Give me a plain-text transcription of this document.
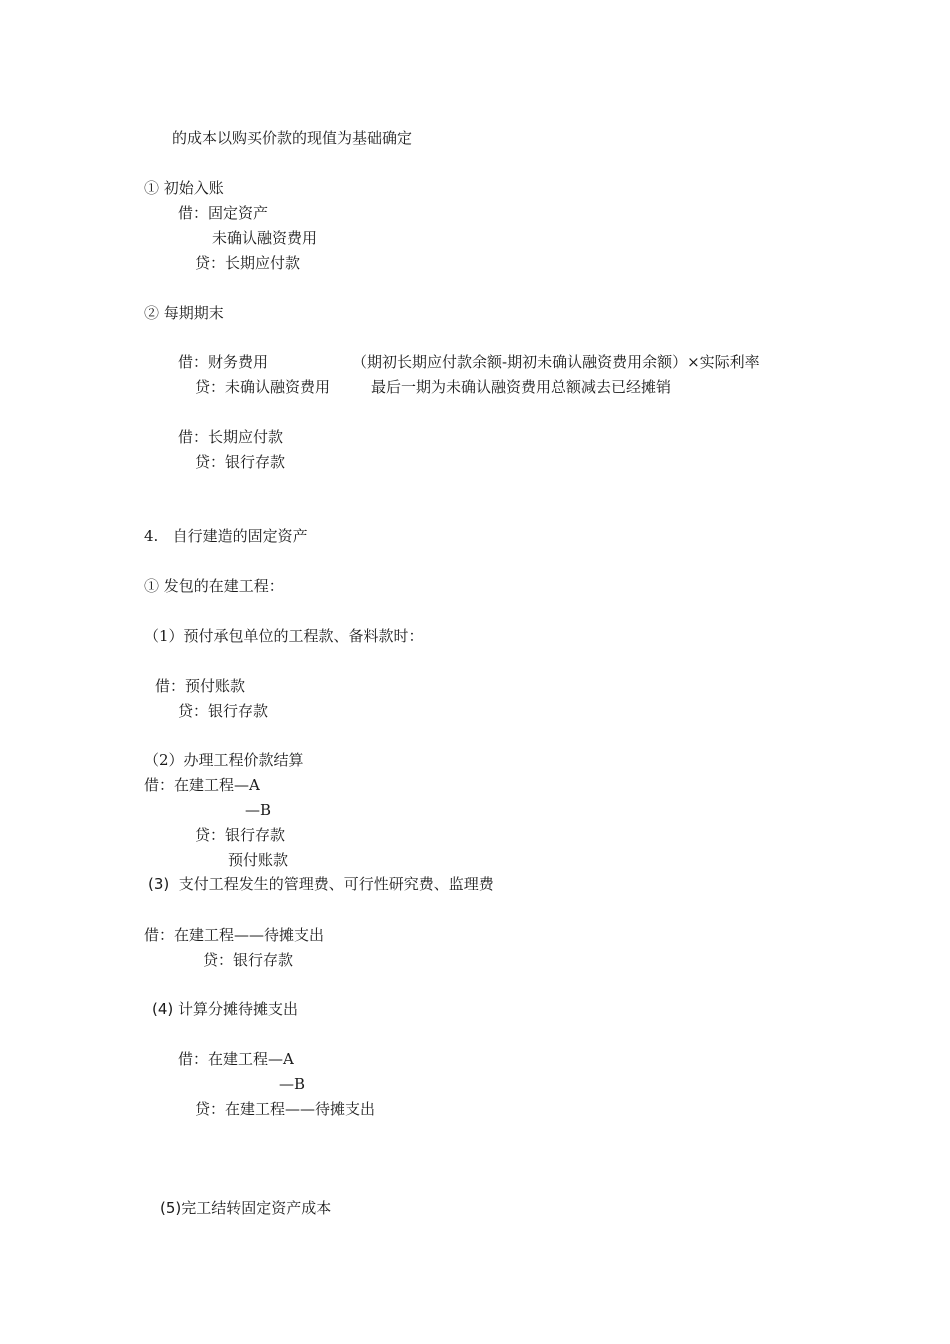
的成本以购买价款的现值为基础确定
① 初始入账
借：固定资产
未确认融资费用
贷：长期应付款
② 每期期末
借：财务费用	（期初长期应付款余额-期初未确认融资费用余额）×实际利率
贷：未确认融资费用	最后一期为未确认融资费用总额减去已经摊销
借：长期应付款
贷：银行存款
4.   自行建造的固定资产
① 发包的在建工程：
（1）预付承包单位的工程款、备料款时：
借：预付账款
贷：银行存款
（2）办理工程价款结算
借：在建工程—A
—B
贷：银行存款
预付账款
(3)  支付工程发生的管理费、可行性研究费、监理费
借：在建工程——待摊支出
贷：银行存款
(4) 计算分摊待摊支出
借：在建工程—A
—B
贷：在建工程——待摊支出
(5)完工结转固定资产成本
